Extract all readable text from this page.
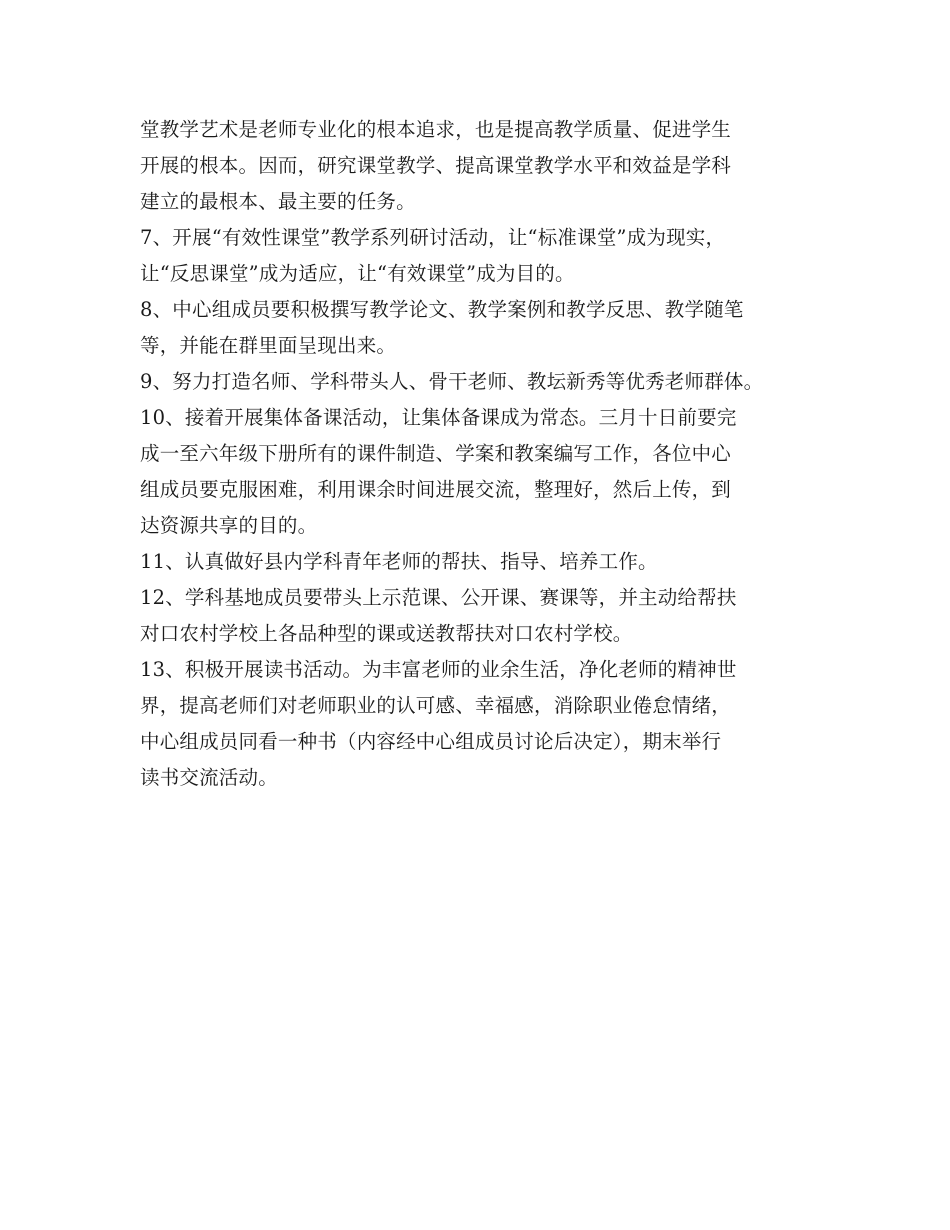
堂教学艺术是老师专业化的根本追求，也是提高教学质量、促进学生
开展的根本。因而，研究课堂教学、提高课堂教学水平和效益是学科
建立的最根本、最主要的任务。
7、开展“有效性课堂”教学系列研讨活动，让“标准课堂”成为现实，
让“反思课堂”成为适应，让“有效课堂”成为目的。
8、中心组成员要积极撰写教学论文、教学案例和教学反思、教学随笔
等，并能在群里面呈现出来。
9、努力打造名师、学科带头人、骨干老师、教坛新秀等优秀老师群体。
10、接着开展集体备课活动，让集体备课成为常态。三月十日前要完
成一至六年级下册所有的课件制造、学案和教案编写工作，各位中心
组成员要克服困难，利用课余时间进展交流，整理好，然后上传，到
达资源共享的目的。
11、认真做好县内学科青年老师的帮扶、指导、培养工作。
12、学科基地成员要带头上示范课、公开课、赛课等，并主动给帮扶
对口农村学校上各品种型的课或送教帮扶对口农村学校。
13、积极开展读书活动。为丰富老师的业余生活，净化老师的精神世
界，提高老师们对老师职业的认可感、幸福感，消除职业倦怠情绪，
中心组成员同看一种书（内容经中心组成员讨论后决定），期末举行
读书交流活动。
